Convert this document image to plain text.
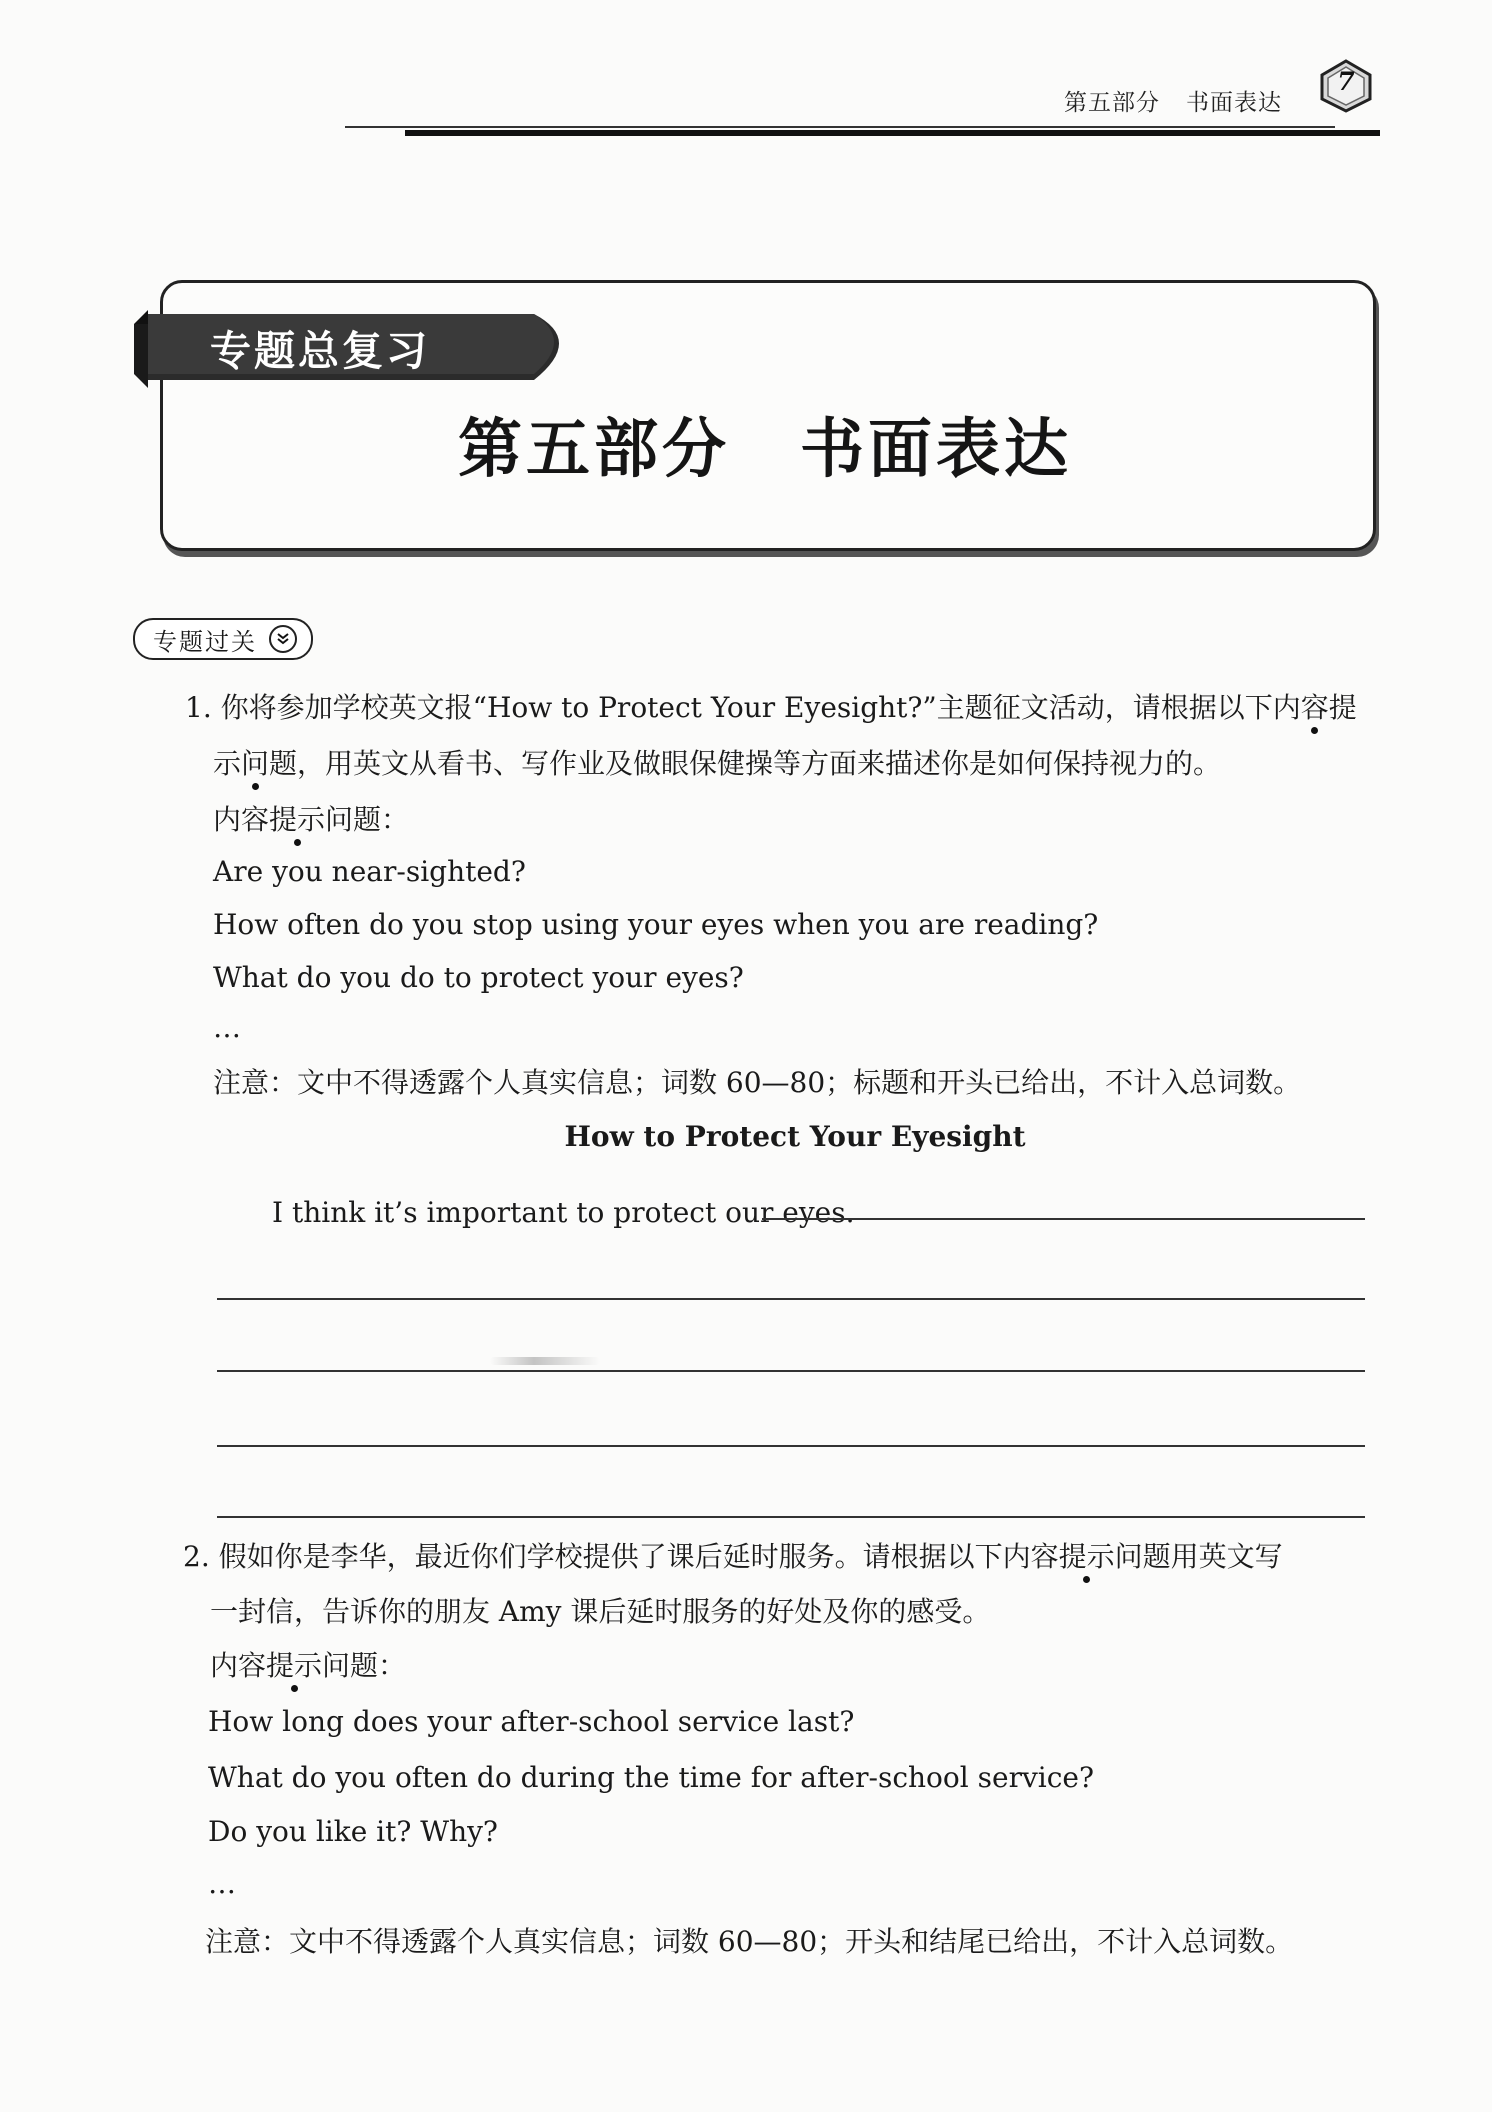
第五部分 书面表达
7
专题总复习
第五部分 书面表达
专题过关
1. 你将参加学校英文报“How to Protect Your Eyesight?”主题征文活动，请根据以下内容提
示问题，用英文从看书、写作业及做眼保健操等方面来描述你是如何保持视力的。
内容提示问题：
Are you near-sighted?
How often do you stop using your eyes when you are reading?
What do you do to protect your eyes?
…
注意：文中不得透露个人真实信息；词数 60—80；标题和开头已给出，不计入总词数。
How to Protect Your Eyesight
I think it’s important to protect our eyes.
2. 假如你是李华，最近你们学校提供了课后延时服务。请根据以下内容提示问题用英文写
一封信，告诉你的朋友 Amy 课后延时服务的好处及你的感受。
内容提示问题：
How long does your after-school service last?
What do you often do during the time for after-school service?
Do you like it? Why?
…
注意：文中不得透露个人真实信息；词数 60—80；开头和结尾已给出，不计入总词数。
